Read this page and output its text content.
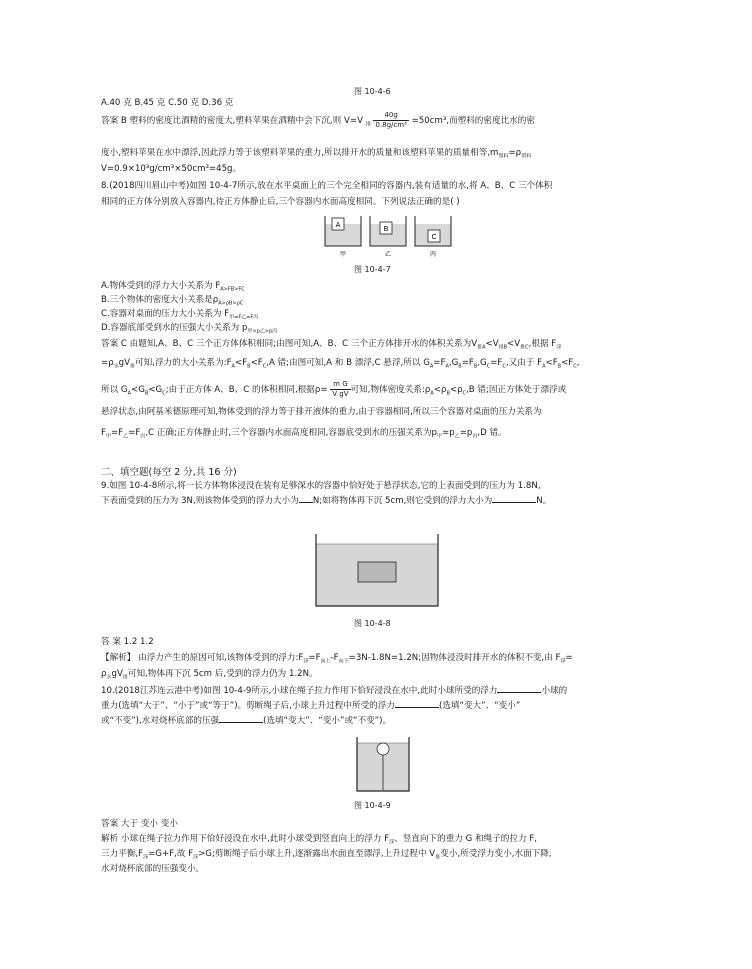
图 10-4-6
A.40 克 B.45 克 C.50 克 D.36 克
答案 B 塑料的密度比酒精的密度大,塑料苹果在酒精中会下沉,则 V=V $_排 \frac{40g}{\text{0.8g/cm³}} =50cm^3$,而塑料的密度比水的密
度小,塑料苹果在水中漂浮,因此浮力等于该塑料苹果的重力,所以排开水的质量和该塑料苹果的质量相等$,m_{塑料}=\rho_{塑料}$
V=0.9×10³g/cm³×50cm³=45g。
8.(2018四川眉山中考)如图 10-4-7所示,放在水平桌面上的三个完全相同的容器内,装有适量的水,将 A、B、C 三个体积
相同的正方体分别放入容器内,待正方体静止后,三个容器内水面高度相同。下列说法正确的是( )
A	B
C
甲	乙	丙
图 10-4-7
A.物体受到的浮力大小关系为 $F_{A>FB>FC}$
B.三个物体的密度大小关系是$\rho_{A>\rho B>\rho C}$
C.容器对桌面的压力大小关系为 $F_{甲=F乙=F丙}$
D.容器底部受到水的压强大小关系为 $p_{甲>p乙>p丙}$
答案 C 由题知,A、B、C 三个正方体体积相同;由图可知,A、B、C 三个正方体排开水的体积关系为$V_{排A}<V_{排B}<V_{排C}$,根据 $F_浮$
$=\rho_水gV_排$可知,浮力的大小关系为$:F_A<F_B<F_C,A$ 错;由图可知,A 和 B 漂浮,C 悬浮,所以 $G_A=F_A,G_B=F_B,G_C=F_C$,又由于 $F_A<F_B<F_C$,
所以 $G_A<G_B<G_C$;由于正方体 A、B、C 的体积相同,根据$\rho= \frac{\text{m G}}{\text{V gV}}$ 可知,物体密度关系$:\rho_A<\rho_B<\rho_C,B$ 错;因正方体处于漂浮或
悬浮状态,由阿基米德原理可知,物体受到的浮力等于排开液体的重力,由于容器相同,所以三个容器对桌面的压力关系为
$F_甲=F_乙=F_丙,C$ 正确;正方体静止时,三个容器内水面高度相同,容器底受到水的压强关系为$p_甲=p_乙=p_丙,D$ 错。
二、填空题(每空 2 分,共 16 分)
9.如图 10-4-8所示,将一长方体物体浸没在装有足够深水的容器中恰好处于悬浮状态,它的上表面受到的压力为 1.8N,
下表面受到的压力为 3N,则该物体受到的浮力大小为 N;如将物体再下沉 5cm,则它受到的浮力大小为	N。
图 10-4-8
答 案 1.2 1.2
【解析】 由浮力产生的原因可知,该物体受到的浮力$:F_浮=F_{向上}-F_{向下}=3N-1.8N=1.2N$;因物体浸没时排开水的体积不变,由 $F_浮=$
$\rho_水gV_排$可知,物体再下沉 5cm 后,受到的浮力仍为 1.2N。
10.(2018江苏连云港中考)如图 10-4-9所示,小球在绳子拉力作用下恰好浸没在水中,此时小球所受的浮力	小球的
重力(选填“大于”、“小于”或“等于”)。剪断绳子后,小球上升过程中所受的浮力	(选填“变大”、“变小”
或“不变”),水对烧杯底部的压强	(选填“变大”、“变小”或“不变”)。
图 10-4-9
答案 大于 变小 变小
解析 小球在绳子拉力作用下恰好浸没在水中,此时小球受到竖直向上的浮力 $F_浮$、竖直向下的重力 G 和绳子的拉力 F,
三力平衡$,F_浮=G+F$,故 $F_浮>G$;剪断绳子后小球上升,逐渐露出水面直至漂浮,上升过程中 $V_排$变小,所受浮力变小,水面下降,
水对烧杯底部的压强变小。
